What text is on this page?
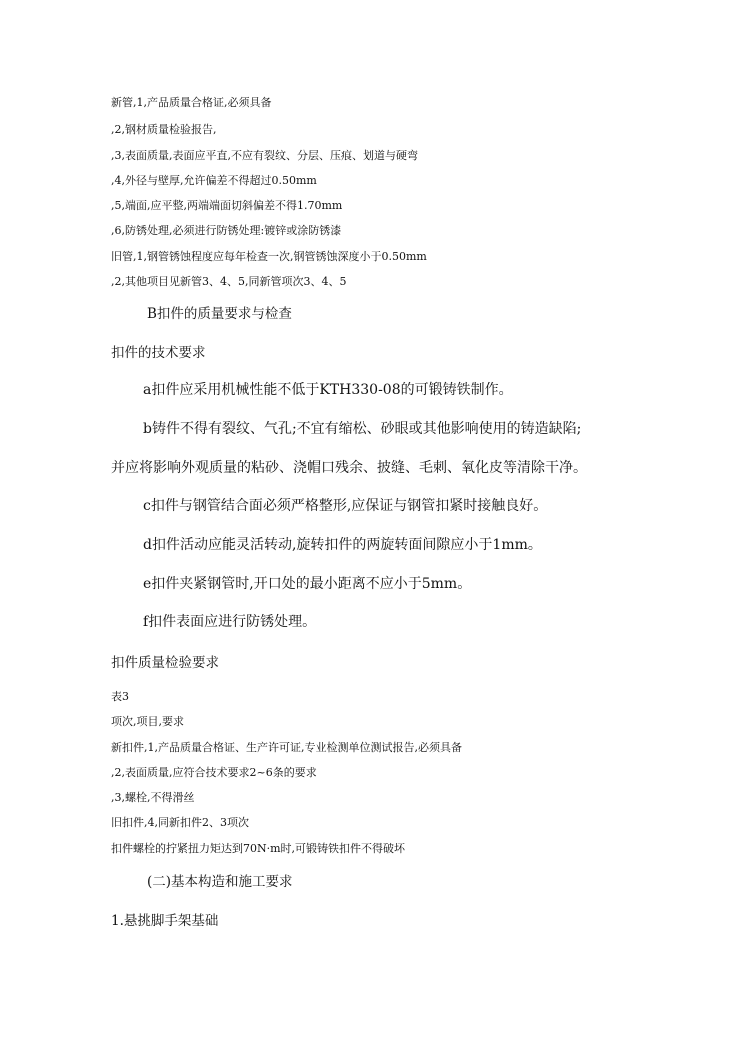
新管,1,产品质量合格证,必须具备
,2,钢材质量检验报告,
,3,表面质量,表面应平直,不应有裂纹、分层、压痕、划道与硬弯
,4,外径与壁厚,允许偏差不得超过0.50mm
,5,端面,应平整,两端端面切斜偏差不得1.70mm
,6,防锈处理,必须进行防锈处理:镀锌或涂防锈漆
旧管,1,钢管锈蚀程度应每年检查一次,钢管锈蚀深度小于0.50mm
,2,其他项目见新管3、4、5,同新管项次3、4、5
B扣件的质量要求与检查
扣件的技术要求
a扣件应采用机械性能不低于KTH330-08的可锻铸铁制作。
b铸件不得有裂纹、气孔;不宜有缩松、砂眼或其他影响使用的铸造缺陷;
并应将影响外观质量的粘砂、浇帽口残余、披缝、毛刺、氧化皮等清除干净。
c扣件与钢管结合面必须严格整形,应保证与钢管扣紧时接触良好。
d扣件活动应能灵活转动,旋转扣件的两旋转面间隙应小于1mm。
e扣件夹紧钢管时,开口处的最小距离不应小于5mm。
f扣件表面应进行防锈处理。
扣件质量检验要求
表3
项次,项目,要求
新扣件,1,产品质量合格证、生产许可证,专业检测单位测试报告,必须具备
,2,表面质量,应符合技术要求2~6条的要求
,3,螺栓,不得滑丝
旧扣件,4,同新扣件2、3项次
扣件螺栓的拧紧扭力矩达到70N·m时,可锻铸铁扣件不得破坏
(二)基本构造和施工要求
1.悬挑脚手架基础
